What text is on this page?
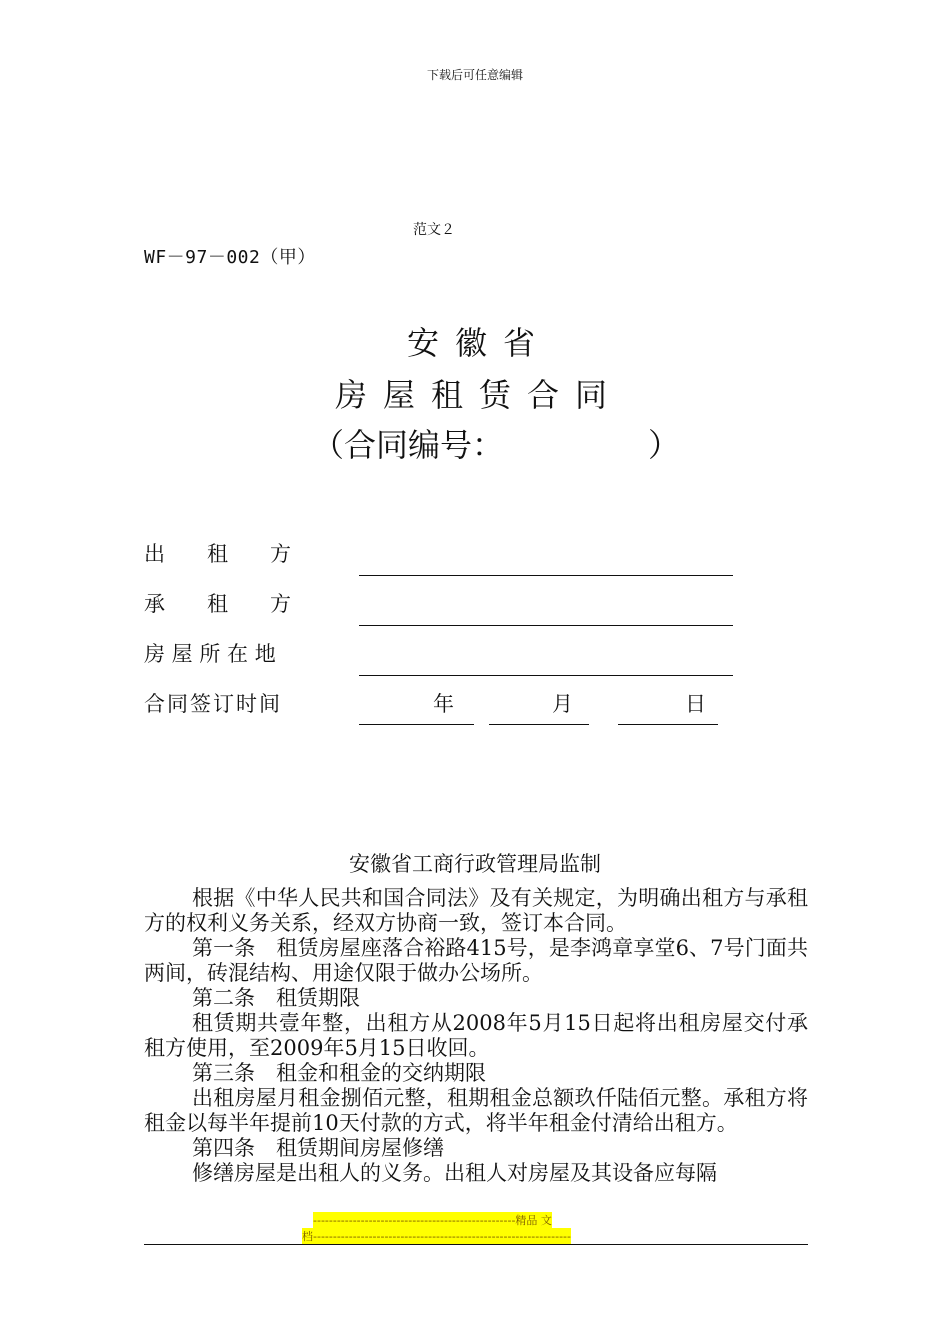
下载后可任意编辑
范文２
WF－97－002（甲）
安徽省
房屋租赁合同
（合同编号：　　　　　）
出　　租　　方
承　　租　　方
房 屋 所 在 地
合同签订时间	年	月	日
安徽省工商行政管理局监制

根据《中华人民共和国合同法》及有关规定，为明确出租方与承租方的权利义务关系，经双方协商一致，签订本合同。

第一条　租赁房屋座落合裕路415号，是李鸿章享堂6、7号门面共两间，砖混结构、用途仅限于做办公场所。

第二条　租赁期限

租赁期共壹年整，出租方从2008年5月15日起将出租房屋交付承租方使用，至2009年5月15日收回。

第三条　租金和租金的交纳期限

出租房屋月租金捌佰元整，租期租金总额玖仟陆佰元整。承租方将租金以每半年提前10天付款的方式，将半年租金付清给出租方。

第四条　租赁期间房屋修缮

修缮房屋是出租人的义务。出租人对房屋及其设备应每隔

---------------------------------------------------精品 文
档-----------------------------------------------------------------
